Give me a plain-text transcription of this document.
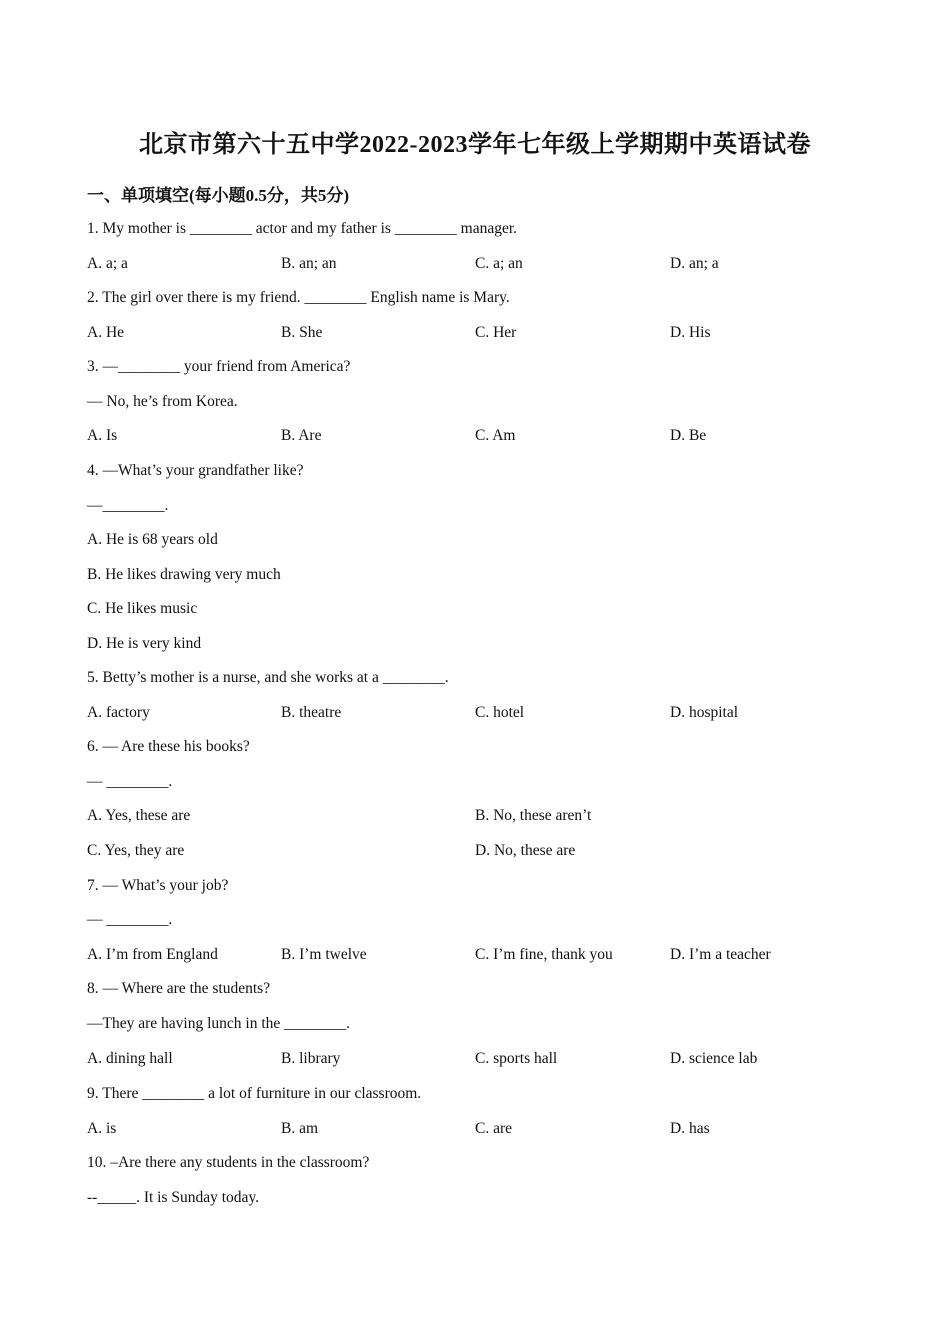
北京市第六十五中学2022-2023学年七年级上学期期中英语试卷
一、单项填空(每小题0.5分，共5分)
1. My mother is ________ actor and my father is ________ manager.
A. a; a	B. an; an	C. a; an	D. an; a
2. The girl over there is my friend. ________ English name is Mary.
A. He	B. She	C. Her	D. His
3. —________ your friend from America?
— No, he’s from Korea.
A. Is	B. Are	C. Am	D. Be
4. —What’s your grandfather like?
—________.
A. He is 68 years old
B. He likes drawing very much
C. He likes music
D. He is very kind
5. Betty’s mother is a nurse, and she works at a ________.
A. factory	B. theatre	C. hotel	D. hospital
6. — Are these his books?
— ________.
A. Yes, these are	B. No, these aren’t
C. Yes, they are	D. No, these are
7. — What’s your job?
— ________.
A. I’m from England	B. I’m twelve	C. I’m fine, thank you	D. I’m a teacher
8. — Where are the students?
—They are having lunch in the ________.
A. dining hall	B. library	C. sports hall	D. science lab
9. There ________ a lot of furniture in our classroom.
A. is	B. am	C. are	D. has
10. –Are there any students in the classroom?
--_____. It is Sunday today.
